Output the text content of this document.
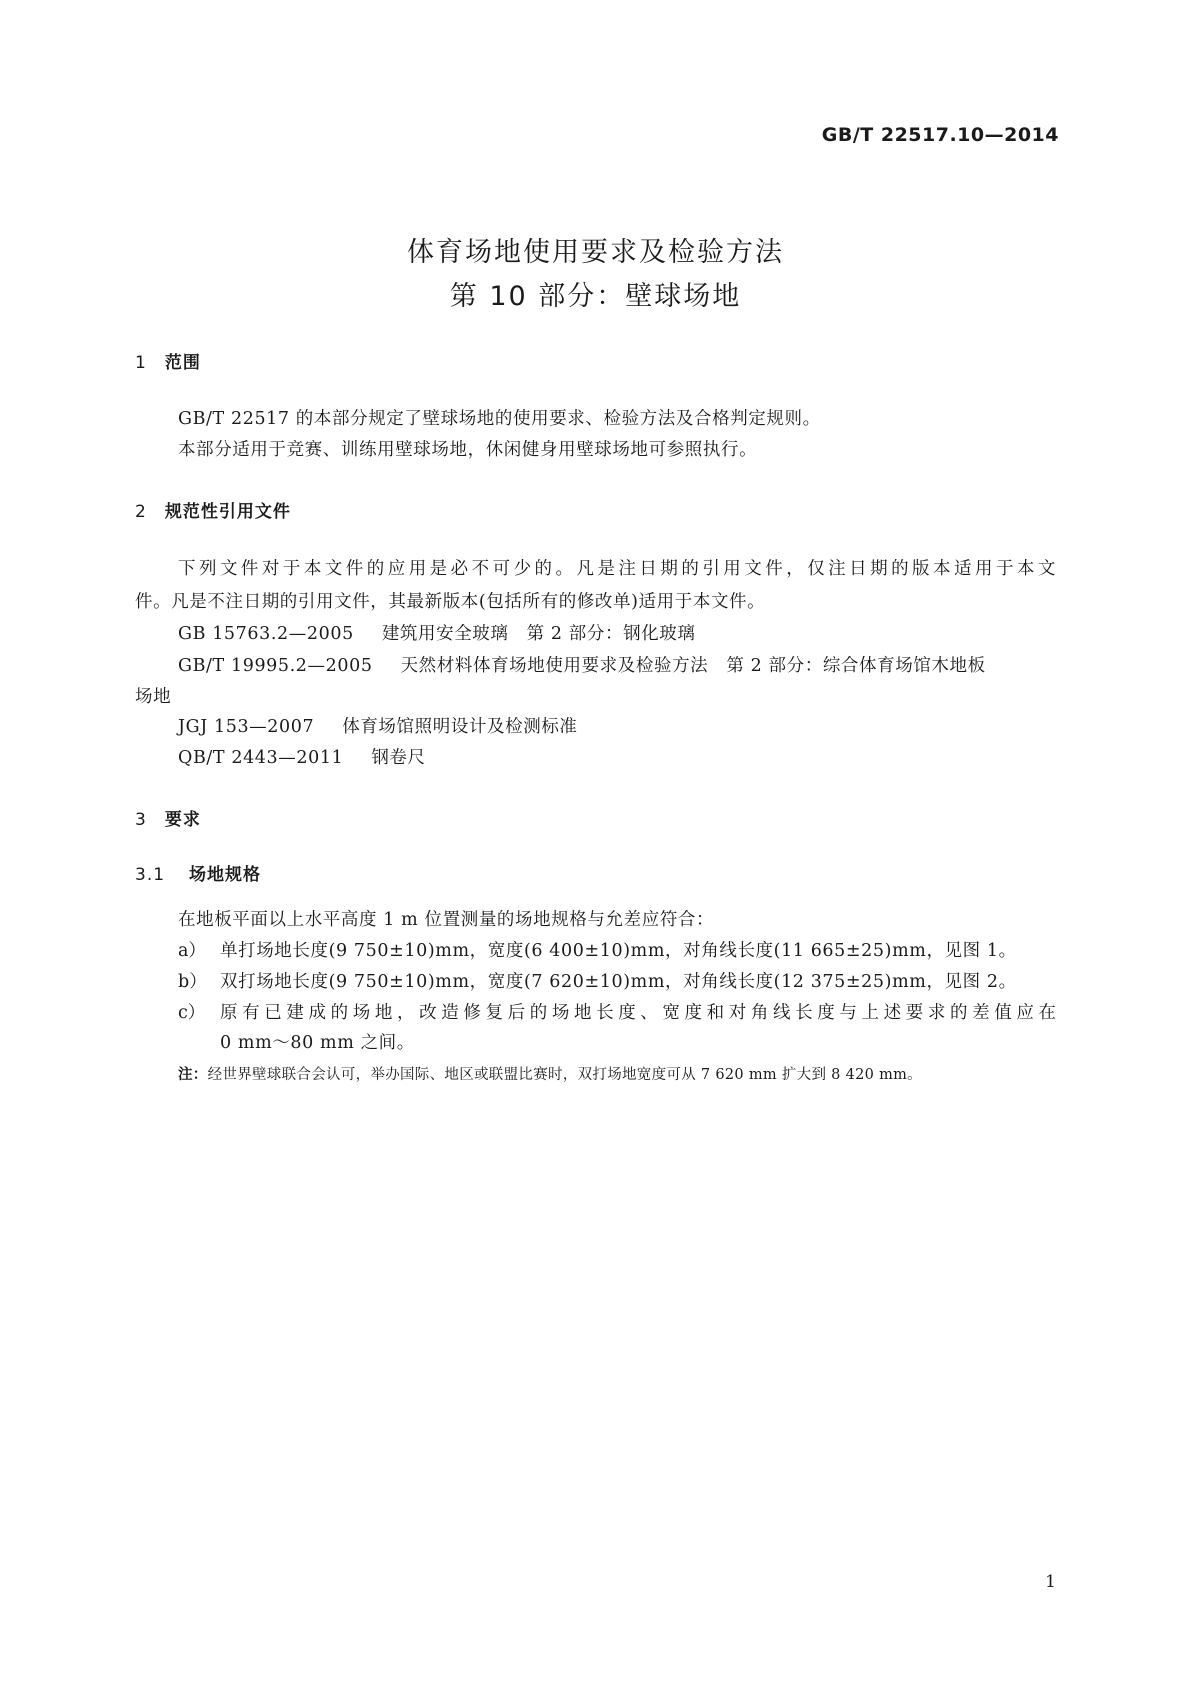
GB/T 22517.10—2014
体育场地使用要求及检验方法
第 10 部分：壁球场地
1 范围
GB/T 22517 的本部分规定了壁球场地的使用要求、检验方法及合格判定规则。
本部分适用于竞赛、训练用壁球场地，休闲健身用壁球场地可参照执行。
2 规范性引用文件
下列文件对于本文件的应用是必不可少的。凡是注日期的引用文件，仅注日期的版本适用于本文
件。凡是不注日期的引用文件，其最新版本(包括所有的修改单)适用于本文件。
GB 15763.2—2005 建筑用安全玻璃　第 2 部分：钢化玻璃
GB/T 19995.2—2005 天然材料体育场地使用要求及检验方法　第 2 部分：综合体育场馆木地板
场地
JGJ 153—2007 体育场馆照明设计及检测标准
QB/T 2443—2011 钢卷尺
3 要求
3.1 场地规格
在地板平面以上水平高度 1 m 位置测量的场地规格与允差应符合：
a） 单打场地长度(9 750±10)mm，宽度(6 400±10)mm，对角线长度(11 665±25)mm，见图 1。
b） 双打场地长度(9 750±10)mm，宽度(7 620±10)mm，对角线长度(12 375±25)mm，见图 2。
c） 原有已建成的场地，改造修复后的场地长度、宽度和对角线长度与上述要求的差值应在
0 mm～80 mm 之间。
注：经世界壁球联合会认可，举办国际、地区或联盟比赛时，双打场地宽度可从 7 620 mm 扩大到 8 420 mm。
1
